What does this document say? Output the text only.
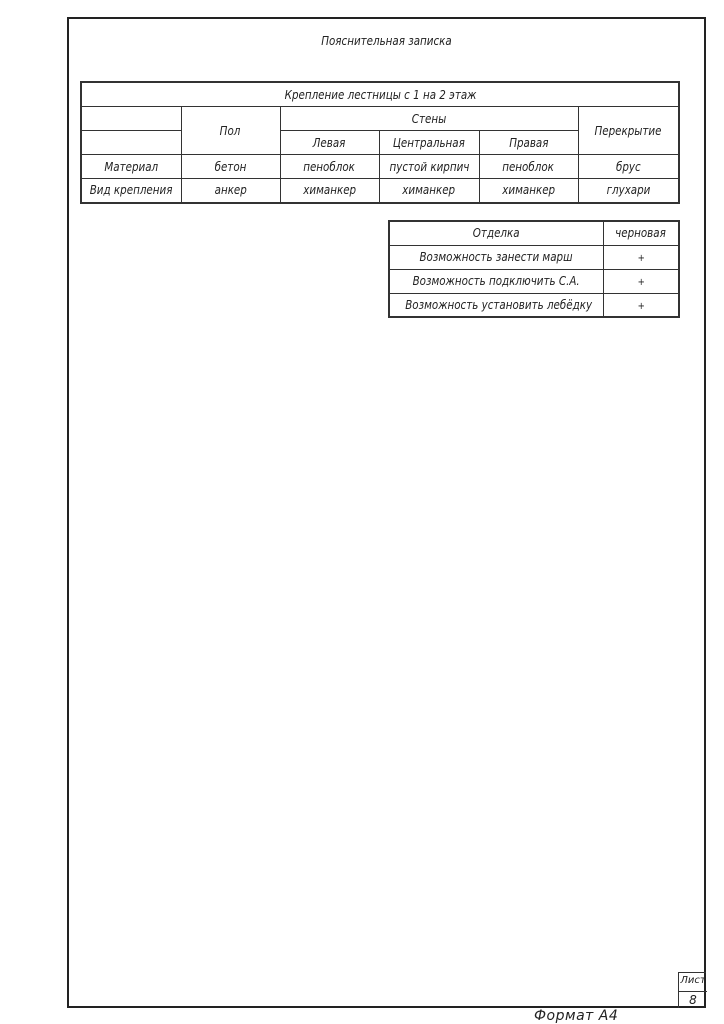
Пояснительная записка
Крепление лестницы с 1 на 2 этаж					
	Пол	Стены			Перекрытие
		Левая	Центральная	Правая	
Материал	бетон	пеноблок	пустой кирпич	пеноблок	брус
Вид крепления	анкер	химанкер	химанкер	химанкер	глухари
Отделка	черновая
Возможность занести марш	+
Возможность подключить С.А.	+
Возможность установить лебёдку	+
Лист
8
Формат А4
